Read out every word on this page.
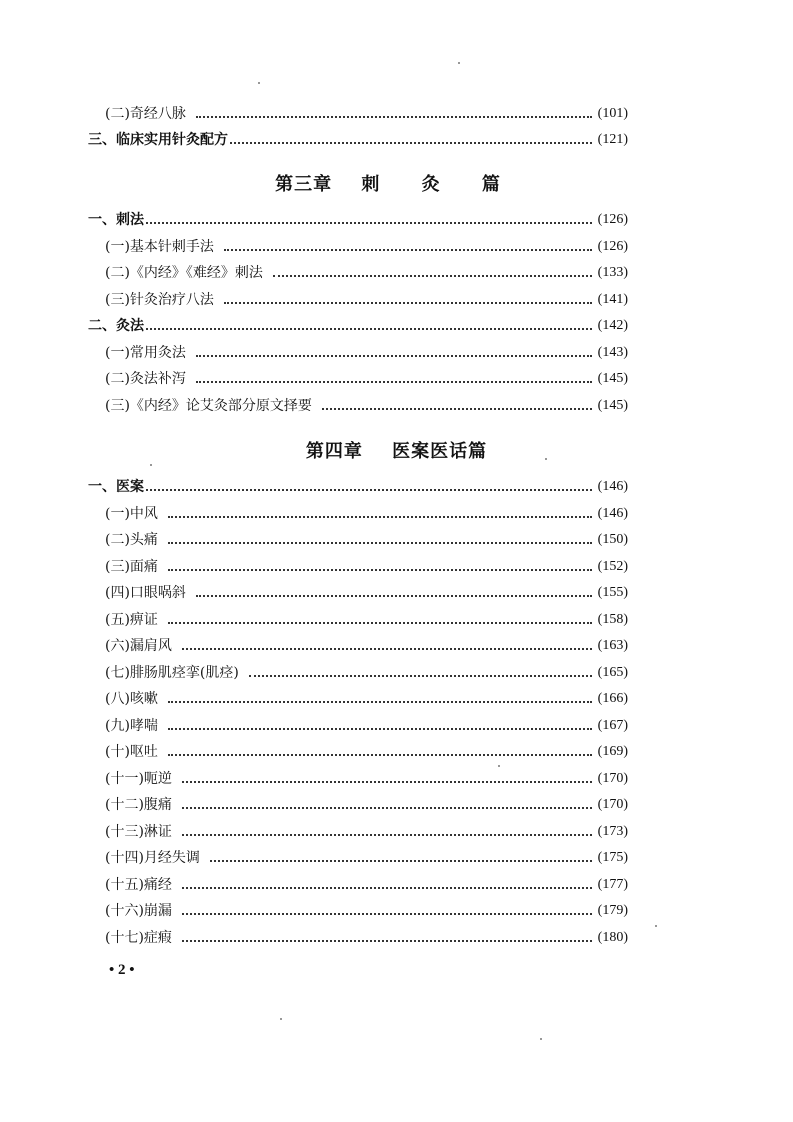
(二)奇经八脉	(101)
三、临床实用针灸配方	(121)
一、刺法	(126)
(一)基本针刺手法	(126)
(二)《内经》《难经》刺法	(133)
(三)针灸治疗八法	(141)
二、灸法	(142)
(一)常用灸法	(143)
(二)灸法补泻	(145)
(三)《内经》论艾灸部分原文择要	(145)
一、医案	(146)
(一)中风	(146)
(二)头痛	(150)
(三)面痛	(152)
(四)口眼㖞斜	(155)
(五)痹证	(158)
(六)漏肩风	(163)
(七)腓肠肌痉挛(肌痉)	(165)
(八)咳嗽	(166)
(九)哮喘	(167)
(十)呕吐	(169)
(十一)呃逆	(170)
(十二)腹痛	(170)
(十三)淋证	(173)
(十四)月经失调	(175)
(十五)痛经	(177)
(十六)崩漏	(179)
(十七)症瘕	(180)
第三章 刺 灸 篇
第四章 医案医话篇
• 2 •
